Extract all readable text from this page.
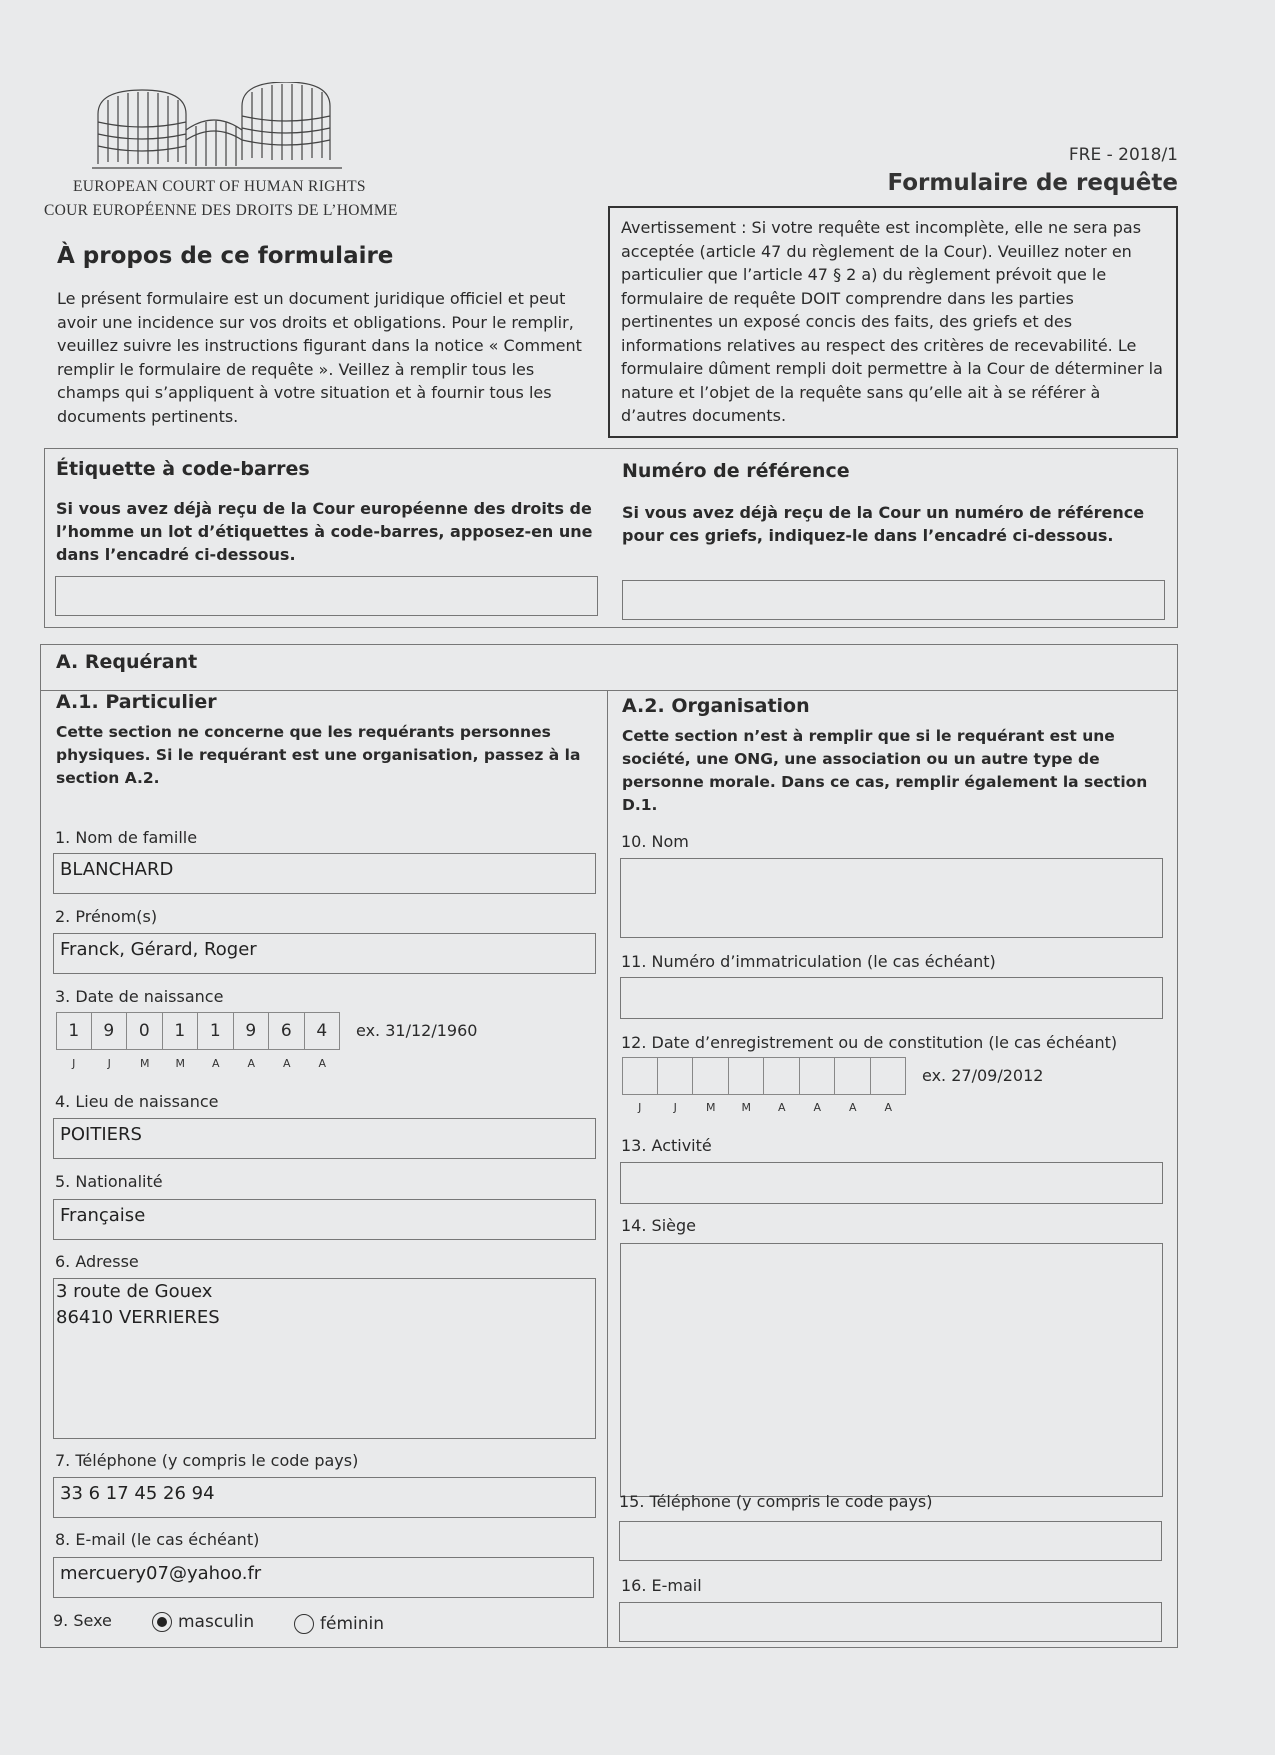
EUROPEAN COURT OF HUMAN RIGHTS
COUR EUROPÉENNE DES DROITS DE L’HOMME
FRE - 2018/1
Formulaire de requête
À propos de ce formulaire
Le présent formulaire est un document juridique officiel et peut avoir une incidence sur vos droits et obligations. Pour le remplir, veuillez suivre les instructions figurant dans la notice « Comment remplir le formulaire de requête ». Veillez à remplir tous les champs qui s’appliquent à votre situation et à fournir tous les documents pertinents.
Avertissement : Si votre requête est incomplète, elle ne sera pas acceptée (article 47 du règlement de la Cour). Veuillez noter en particulier que l’article 47 § 2 a) du règlement prévoit que le formulaire de requête DOIT comprendre dans les parties pertinentes un exposé concis des faits, des griefs et des informations relatives au respect des critères de recevabilité. Le formulaire dûment rempli doit permettre à la Cour de déterminer la nature et l’objet de la requête sans qu’elle ait à se référer à d’autres documents.
Étiquette à code-barres
Si vous avez déjà reçu de la Cour européenne des droits de l’homme un lot d’étiquettes à code-barres, apposez-en une dans l’encadré ci-dessous.
Numéro de référence
Si vous avez déjà reçu de la Cour un numéro de référence pour ces griefs, indiquez-le dans l’encadré ci-dessous.
A. Requérant
A.1. Particulier
Cette section ne concerne que les requérants personnes physiques. Si le requérant est une organisation, passez à la section A.2.
1. Nom de famille
BLANCHARD
2. Prénom(s)
Franck, Gérard, Roger
3. Date de naissance
1	9	0	1	1	9	6	4
J	J	M	M	A	A	A	A
ex. 31/12/1960
4. Lieu de naissance
POITIERS
5. Nationalité
Française
6. Adresse
3 route de Gouex
86410 VERRIERES
7. Téléphone (y compris le code pays)
33 6 17 45 26 94
8. E-mail (le cas échéant)
mercuery07@yahoo.fr
9. Sexe	masculin	féminin
A.2. Organisation
Cette section n’est à remplir que si le requérant est une société, une ONG, une association ou un autre type de personne morale. Dans ce cas, remplir également la section D.1.
10. Nom
11. Numéro d’immatriculation (le cas échéant)
12. Date d’enregistrement ou de constitution (le cas échéant)
J	J	M	M	A	A	A	A
ex. 27/09/2012
13. Activité
14. Siège
15. Téléphone (y compris le code pays)
16. E-mail
